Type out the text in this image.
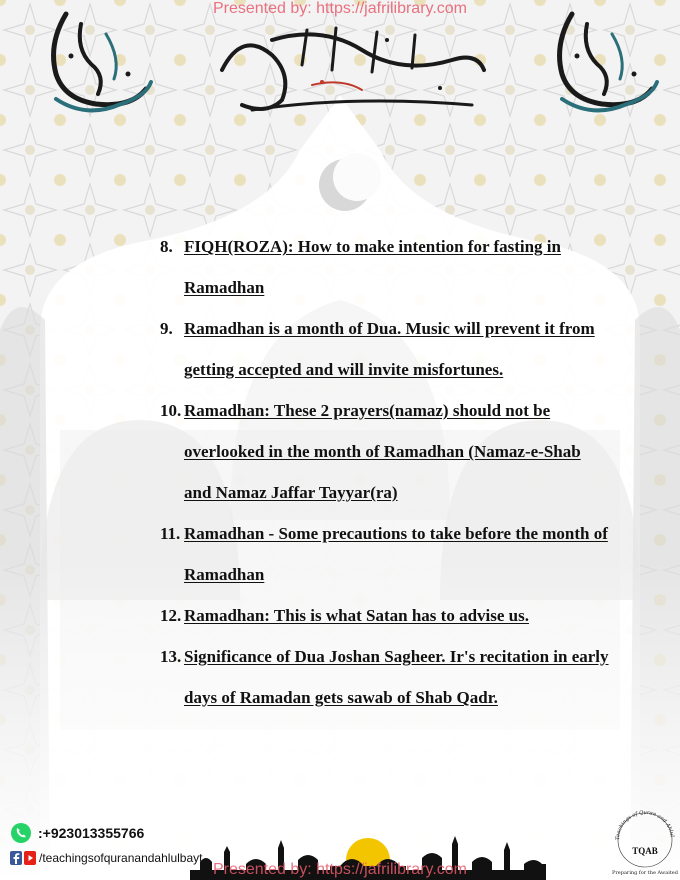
Presented by: https://jafrilibrary.com
8. FIQH(ROZA): How to make intention for fasting in Ramadhan
9. Ramadhan is a month of Dua. Music will prevent it from getting accepted and will invite misfortunes.
10. Ramadhan: These 2 prayers(namaz) should not be overlooked in the month of Ramadhan (Namaz-e-Shab and Namaz Jaffar Tayyar(ra)
11. Ramadhan - Some precautions to take before the month of Ramadhan
12. Ramadhan: This is what Satan has to advise us.
13. Significance of Dua Joshan Sagheer. Ir's recitation in early days of Ramadan gets sawab of Shab Qadr.
:+923013355766
/teachingsofquranandahlulbayt
Teachings of Quran and Ahlul
TQAB
Preparing for the Awaited
Presented by: https://jafrilibrary.com
